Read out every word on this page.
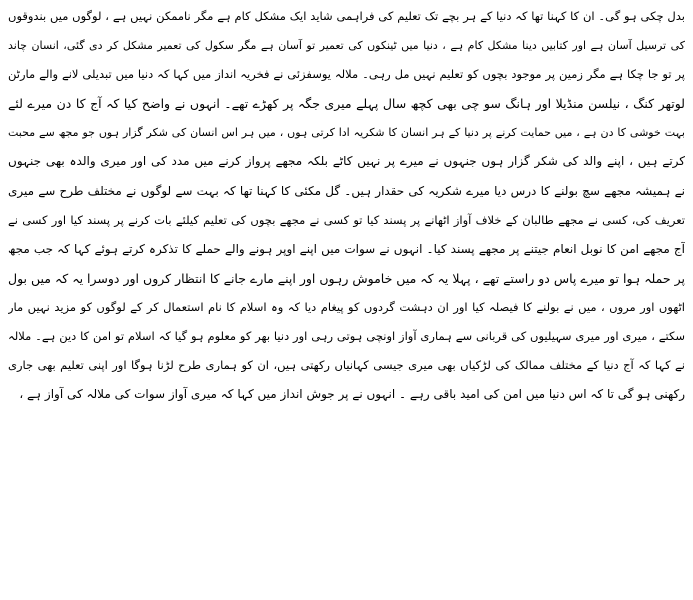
بدل چکی ہو گی۔ ان کا کہنا تھا کہ دنیا کے ہر بچے تک تعلیم کی فراہمی شاید ایک مشکل کام ہے مگر ناممکن نہیں ہے ، لوگوں میں بندوقوں
کی ترسیل آسان ہے اور کتابیں دینا مشکل کام ہے ، دنیا میں ٹینکوں کی تعمیر تو آسان ہے مگر سکول کی تعمیر مشکل کر دی گئی، انسان چاند
پر تو جا چکا ہے مگر زمین پر موجود بچوں کو تعلیم نہیں مل رہی۔ ملالہ یوسفزئی نے فخریہ انداز میں کہا کہ دنیا میں تبدیلی لانے والے مارٹن
لوتھر کنگ ، نیلسن منڈیلا اور ہانگ سو چی بھی کچھ سال پہلے میری جگہ پر کھڑے تھے۔ انہوں نے واضح کیا کہ آج کا دن میرے لئے
بہت خوشی کا دن ہے ، میں حمایت کرنے پر دنیا کے ہر انسان کا شکریہ ادا کرتی ہوں ، میں ہر اس انسان کی شکر گزار ہوں جو مجھ سے محبت
کرتے ہیں ، اپنے والد کی شکر گزار ہوں جنہوں نے میرے پر نہیں کاٹے بلکہ مجھے پرواز کرنے میں مدد کی اور میری والدہ بھی جنہوں
نے ہمیشہ مجھے سچ بولنے کا درس دیا میرے شکریہ کی حقدار ہیں۔ گل مکئی کا کہنا تھا کہ بہت سے لوگوں نے مختلف طرح سے میری
تعریف کی، کسی نے مجھے طالبان کے خلاف آواز اٹھانے پر پسند کیا تو کسی نے مجھے بچوں کی تعلیم کیلئے بات کرنے پر پسند کیا اور کسی نے
آج مجھے امن کا نوبل انعام جیتنے پر مجھے پسند کیا۔ انہوں نے سوات میں اپنے اوپر ہونے والے حملے کا تذکرہ کرتے ہوئے کہا کہ جب مجھ
پر حملہ ہوا تو میرے پاس دو راستے تھے ، پہلا یہ کہ میں خاموش رہوں اور اپنے مارے جانے کا انتظار کروں اور دوسرا یہ کہ میں بول
اٹھوں اور مروں ، میں نے بولنے کا فیصلہ کیا اور ان دہشت گردوں کو پیغام دیا کہ وہ اسلام کا نام استعمال کر کے لوگوں کو مزید نہیں مار
سکتے ، میری اور میری سہیلیوں کی قربانی سے ہماری آواز اونچی ہوتی رہی اور دنیا بھر کو معلوم ہو گیا کہ اسلام تو امن کا دین ہے۔ ملالہ
نے کہا کہ آج دنیا کے مختلف ممالک کی لڑکیاں بھی میری جیسی کہانیاں رکھتی ہیں، ان کو ہماری طرح لڑنا ہوگا اور اپنی تعلیم بھی جاری
رکھنی ہو گی تا کہ اس دنیا میں امن کی امید باقی رہے ۔ انہوں نے پر جوش انداز میں کہا کہ میری آواز سوات کی ملالہ کی آواز ہے ،
